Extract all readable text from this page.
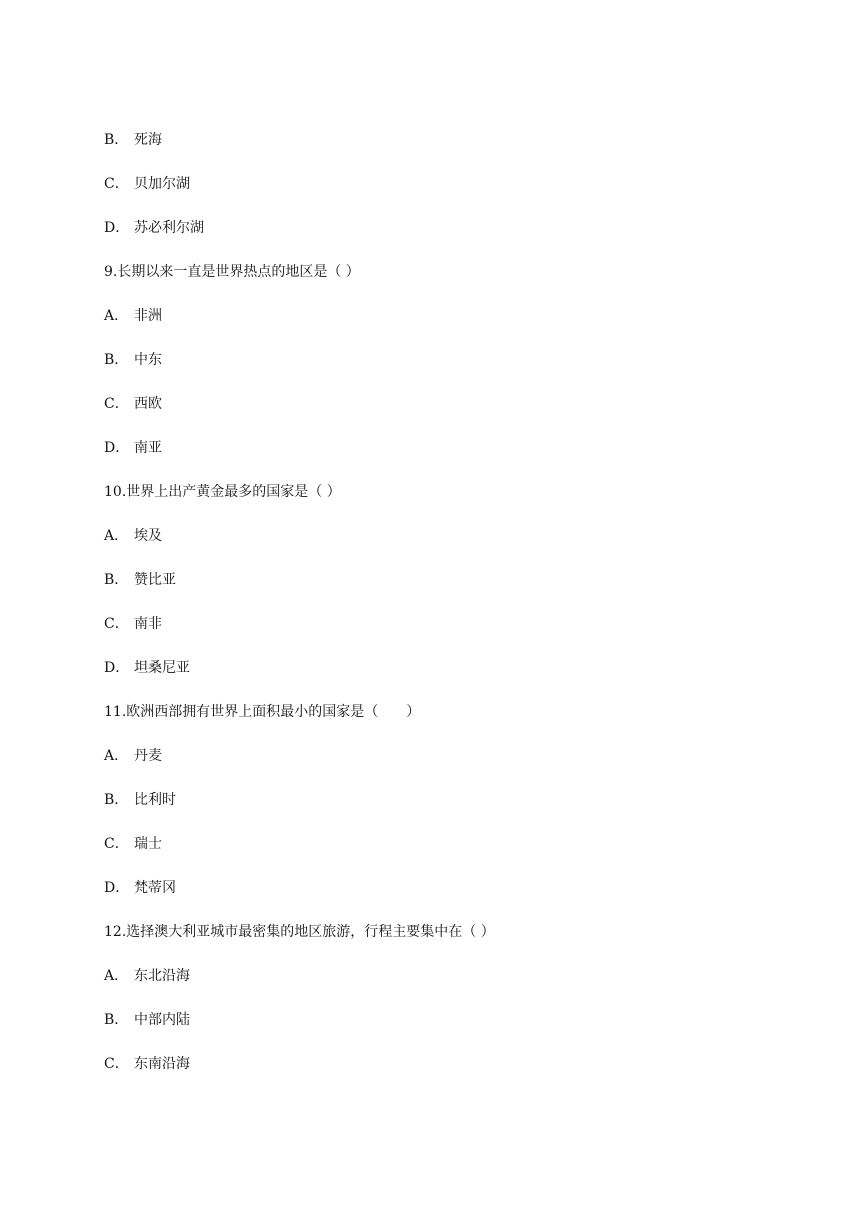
B． 死海
C． 贝加尔湖
D． 苏必利尔湖
9.长期以来一直是世界热点的地区是（ ）
A． 非洲
B． 中东
C． 西欧
D． 南亚
10.世界上出产黄金最多的国家是（ ）
A． 埃及
B． 赞比亚
C． 南非
D． 坦桑尼亚
11.欧洲西部拥有世界上面积最小的国家是（　　）
A． 丹麦
B． 比利时
C． 瑞士
D． 梵蒂冈
12.选择澳大利亚城市最密集的地区旅游，行程主要集中在（ ）
A． 东北沿海
B． 中部内陆
C． 东南沿海
